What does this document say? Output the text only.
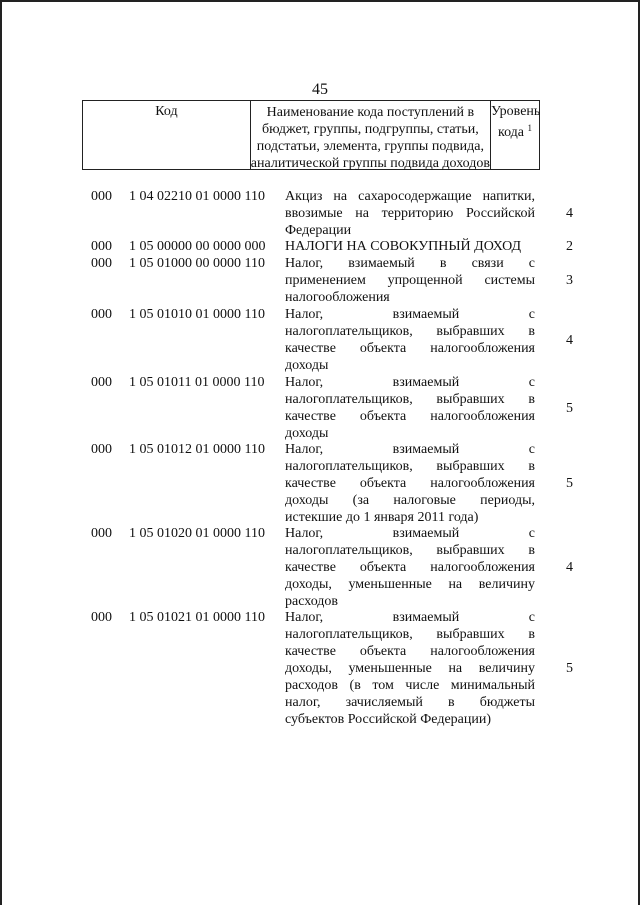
45
Код	Наименование кода поступлений в
бюджет, группы, подгруппы, статьи,
подстатьи, элемента, группы подвида,
аналитической группы подвида доходов
Уровень
кода $^1$
000 1 04 02210 01 0000 110 Акциз на сахаросодержащие напитки,
ввозимые на территорию Российской
Федерации
4
000 1 05 00000 00 0000 000 НАЛОГИ НА СОВОКУПНЫЙ ДОХОД	2
000 1 05 01000 00 0000 110 Налог, взимаемый в связи с
применением упрощенной системы
налогообложения
3
000 1 05 01010 01 0000 110 Налог, взимаемый с
налогоплательщиков, выбравших в
качестве объекта налогообложения
доходы
4
000 1 05 01011 01 0000 110 Налог, взимаемый с
налогоплательщиков, выбравших в
качестве объекта налогообложения
доходы
5
000 1 05 01012 01 0000 110 Налог, взимаемый с
налогоплательщиков, выбравших в
качестве объекта налогообложения
доходы (за налоговые периоды,
истекшие до 1 января 2011 года)
5
000 1 05 01020 01 0000 110 Налог, взимаемый с
налогоплательщиков, выбравших в
качестве объекта налогообложения
доходы, уменьшенные на величину
расходов
4
000 1 05 01021 01 0000 110 Налог, взимаемый с
налогоплательщиков, выбравших в
качестве объекта налогообложения
доходы, уменьшенные на величину
расходов (в том числе минимальный
налог, зачисляемый в бюджеты
субъектов Российской Федерации)
5
